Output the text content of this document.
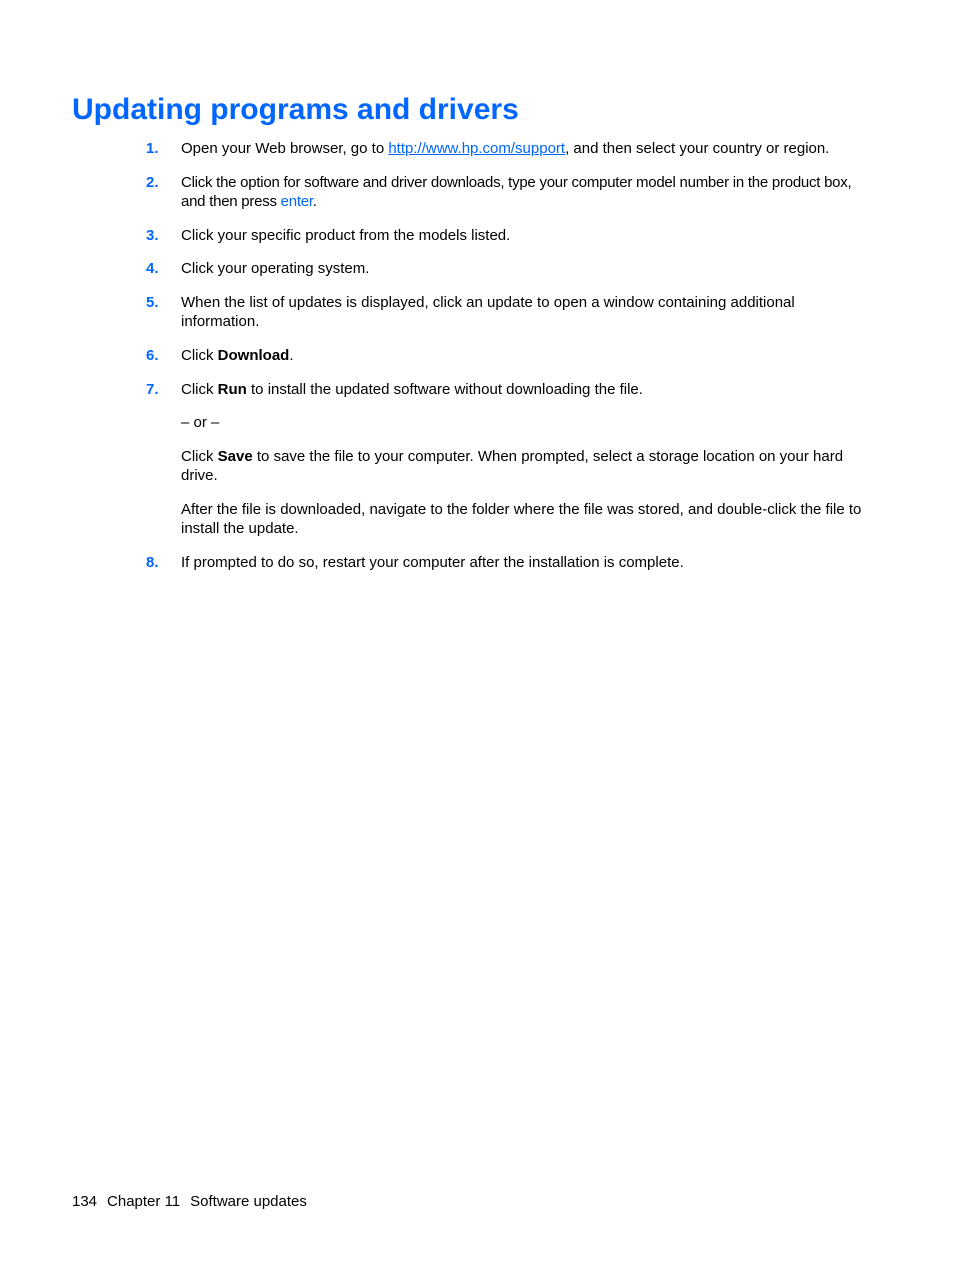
Updating programs and drivers
1. Open your Web browser, go to http://www.hp.com/support, and then select your country or region.
2. Click the option for software and driver downloads, type your computer model number in the product box, and then press enter.
3. Click your specific product from the models listed.
4. Click your operating system.
5. When the list of updates is displayed, click an update to open a window containing additional information.
6. Click Download.
7. Click Run to install the updated software without downloading the file.
– or –
Click Save to save the file to your computer. When prompted, select a storage location on your hard drive.
After the file is downloaded, navigate to the folder where the file was stored, and double-click the file to install the update.
8. If prompted to do so, restart your computer after the installation is complete.
134 Chapter 11 Software updates
